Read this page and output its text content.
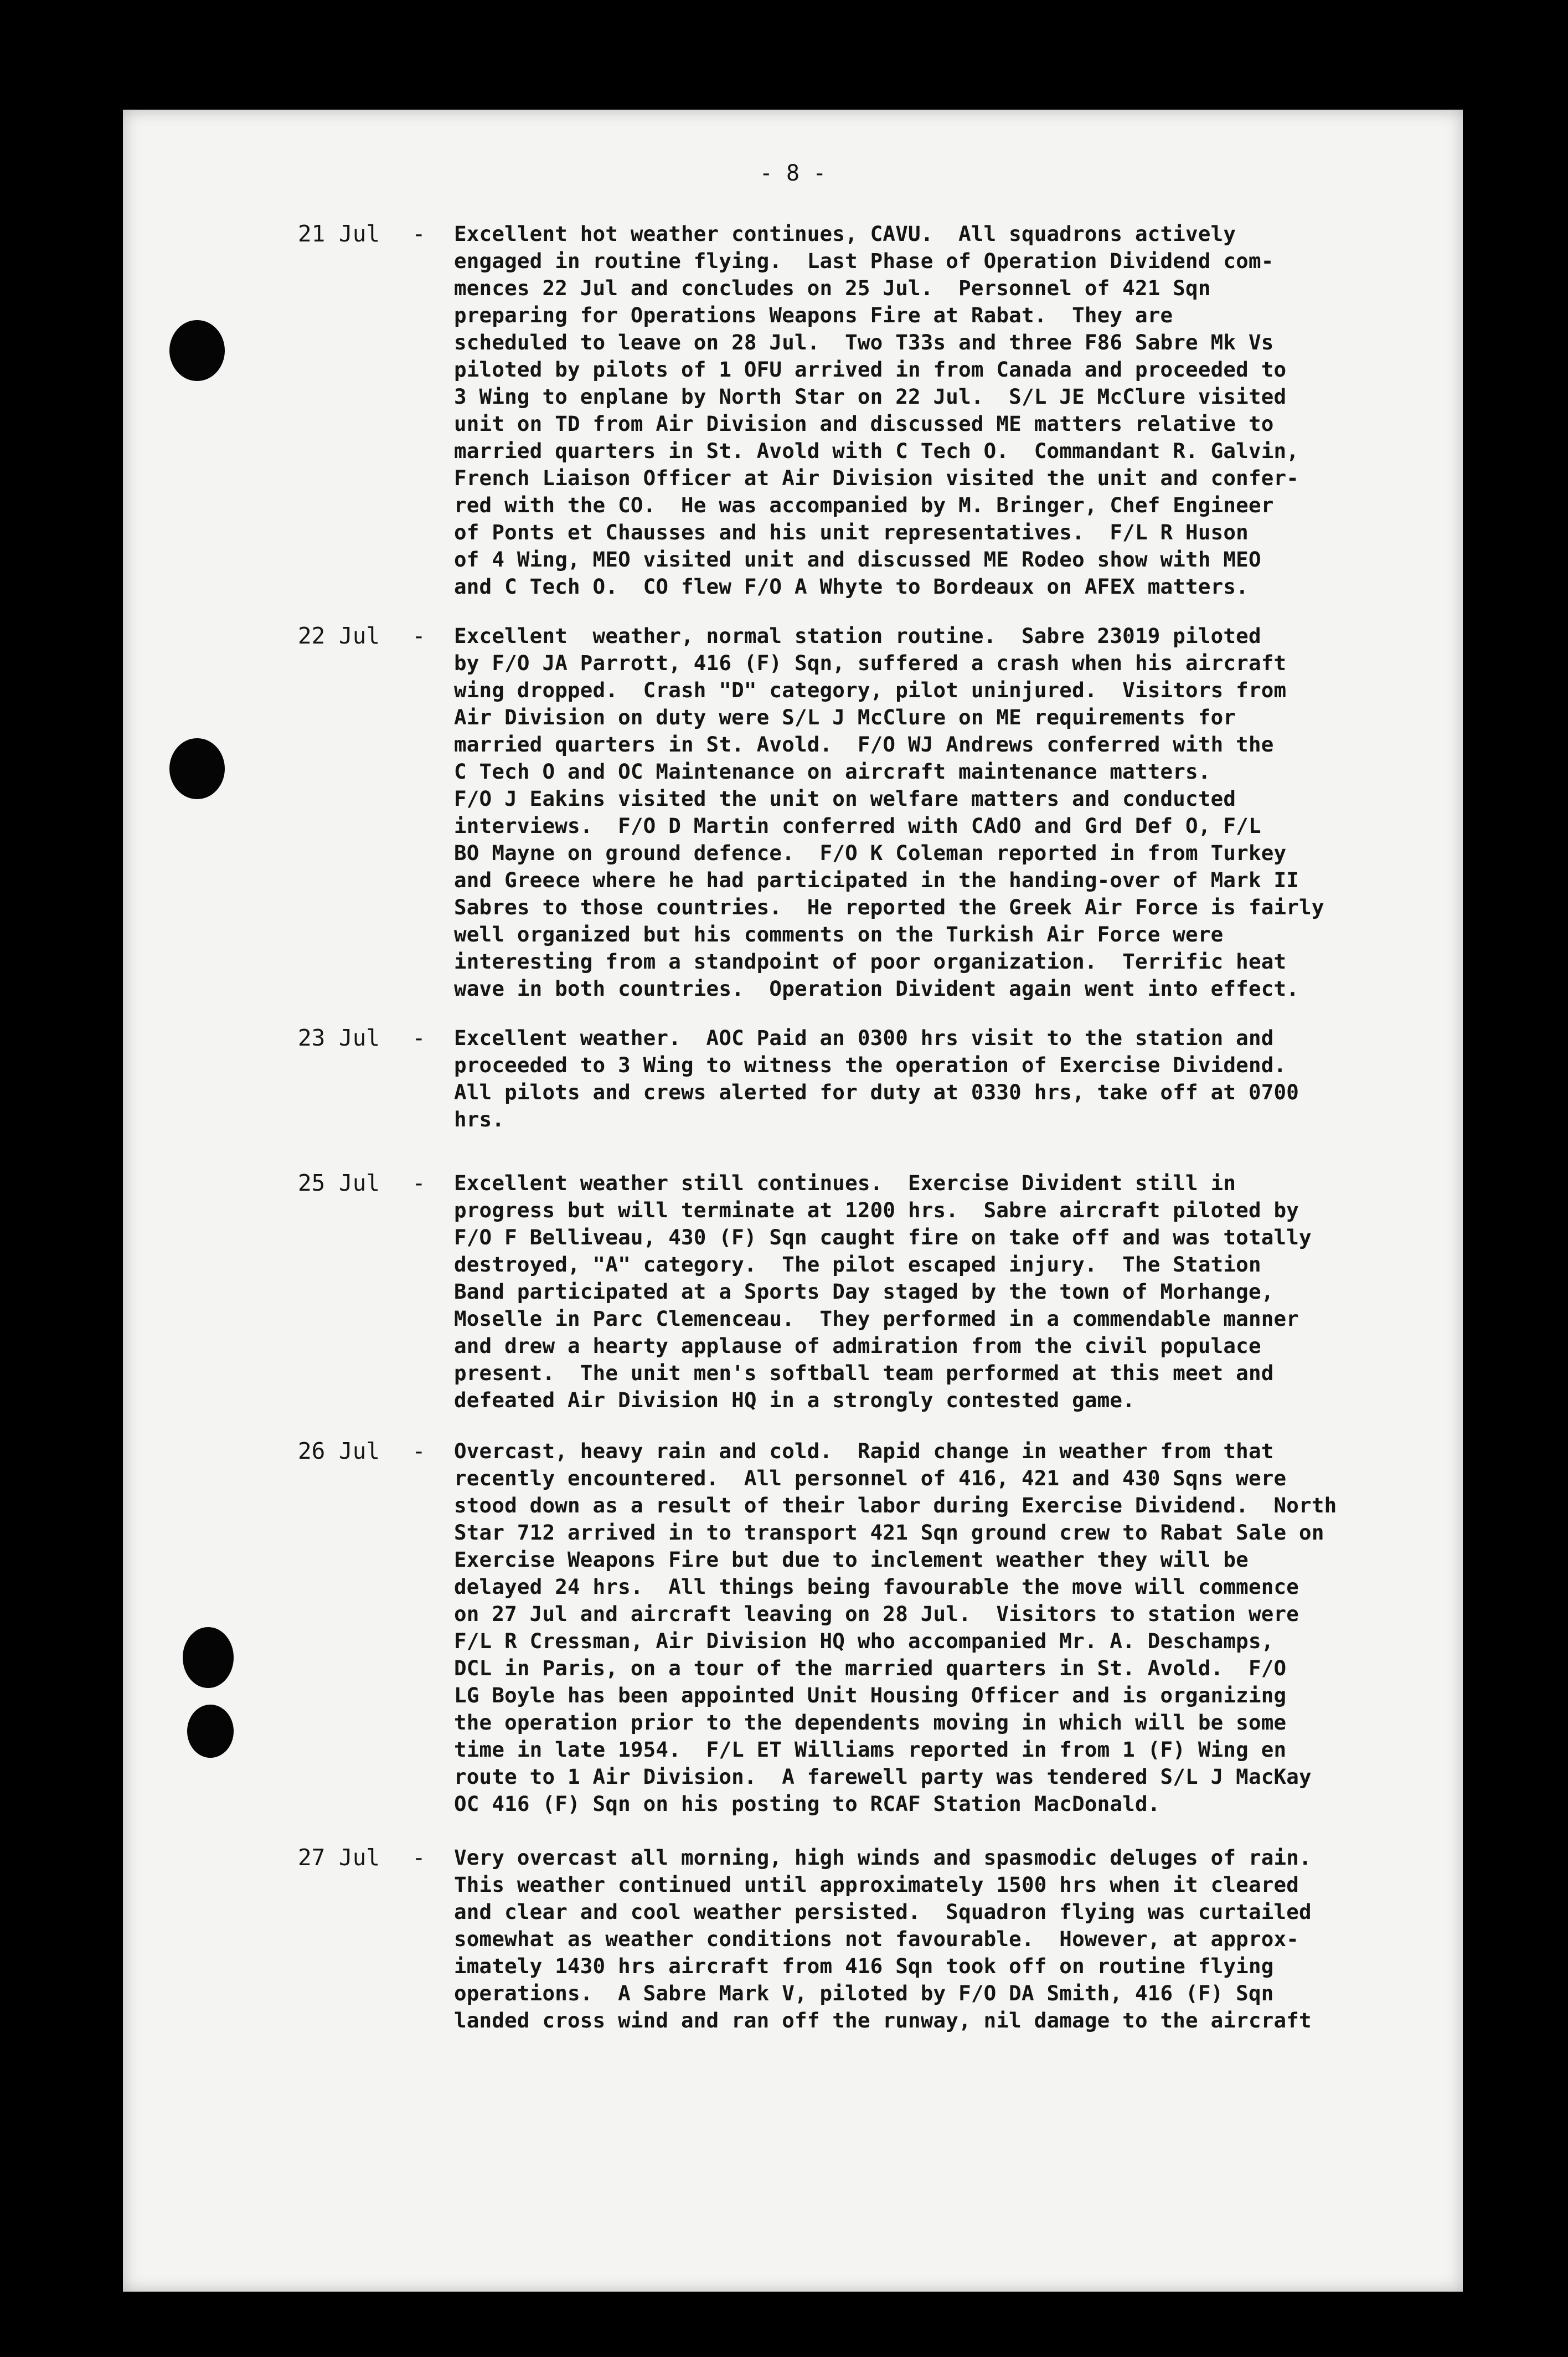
- 8 -
21 Jul - Excellent hot weather continues, CAVU.  All squadrons actively
engaged in routine flying.  Last Phase of Operation Dividend com-
mences 22 Jul and concludes on 25 Jul.  Personnel of 421 Sqn
preparing for Operations Weapons Fire at Rabat.  They are
scheduled to leave on 28 Jul.  Two T33s and three F86 Sabre Mk Vs
piloted by pilots of 1 OFU arrived in from Canada and proceeded to
3 Wing to enplane by North Star on 22 Jul.  S/L JE McClure visited
unit on TD from Air Division and discussed ME matters relative to
married quarters in St. Avold with C Tech O.  Commandant R. Galvin,
French Liaison Officer at Air Division visited the unit and confer-
red with the CO.  He was accompanied by M. Bringer, Chef Engineer
of Ponts et Chausses and his unit representatives.  F/L R Huson
of 4 Wing, MEO visited unit and discussed ME Rodeo show with MEO
and C Tech O.  CO flew F/O A Whyte to Bordeaux on AFEX matters.
22 Jul - Excellent  weather, normal station routine.  Sabre 23019 piloted
by F/O JA Parrott, 416 (F) Sqn, suffered a crash when his aircraft
wing dropped.  Crash "D" category, pilot uninjured.  Visitors from
Air Division on duty were S/L J McClure on ME requirements for
married quarters in St. Avold.  F/O WJ Andrews conferred with the
C Tech O and OC Maintenance on aircraft maintenance matters.
F/O J Eakins visited the unit on welfare matters and conducted
interviews.  F/O D Martin conferred with CAdO and Grd Def O, F/L
BO Mayne on ground defence.  F/O K Coleman reported in from Turkey
and Greece where he had participated in the handing-over of Mark II
Sabres to those countries.  He reported the Greek Air Force is fairly
well organized but his comments on the Turkish Air Force were
interesting from a standpoint of poor organization.  Terrific heat
wave in both countries.  Operation Divident again went into effect.
23 Jul - Excellent weather.  AOC Paid an 0300 hrs visit to the station and
proceeded to 3 Wing to witness the operation of Exercise Dividend.
All pilots and crews alerted for duty at 0330 hrs, take off at 0700
hrs.
25 Jul - Excellent weather still continues.  Exercise Divident still in
progress but will terminate at 1200 hrs.  Sabre aircraft piloted by
F/O F Belliveau, 430 (F) Sqn caught fire on take off and was totally
destroyed, "A" category.  The pilot escaped injury.  The Station
Band participated at a Sports Day staged by the town of Morhange,
Moselle in Parc Clemenceau.  They performed in a commendable manner
and drew a hearty applause of admiration from the civil populace
present.  The unit men's softball team performed at this meet and
defeated Air Division HQ in a strongly contested game.
26 Jul - Overcast, heavy rain and cold.  Rapid change in weather from that
recently encountered.  All personnel of 416, 421 and 430 Sqns were
stood down as a result of their labor during Exercise Dividend.  North
Star 712 arrived in to transport 421 Sqn ground crew to Rabat Sale on
Exercise Weapons Fire but due to inclement weather they will be
delayed 24 hrs.  All things being favourable the move will commence
on 27 Jul and aircraft leaving on 28 Jul.  Visitors to station were
F/L R Cressman, Air Division HQ who accompanied Mr. A. Deschamps,
DCL in Paris, on a tour of the married quarters in St. Avold.  F/O
LG Boyle has been appointed Unit Housing Officer and is organizing
the operation prior to the dependents moving in which will be some
time in late 1954.  F/L ET Williams reported in from 1 (F) Wing en
route to 1 Air Division.  A farewell party was tendered S/L J MacKay
OC 416 (F) Sqn on his posting to RCAF Station MacDonald.
27 Jul - Very overcast all morning, high winds and spasmodic deluges of rain.
This weather continued until approximately 1500 hrs when it cleared
and clear and cool weather persisted.  Squadron flying was curtailed
somewhat as weather conditions not favourable.  However, at approx-
imately 1430 hrs aircraft from 416 Sqn took off on routine flying
operations.  A Sabre Mark V, piloted by F/O DA Smith, 416 (F) Sqn
landed cross wind and ran off the runway, nil damage to the aircraft
